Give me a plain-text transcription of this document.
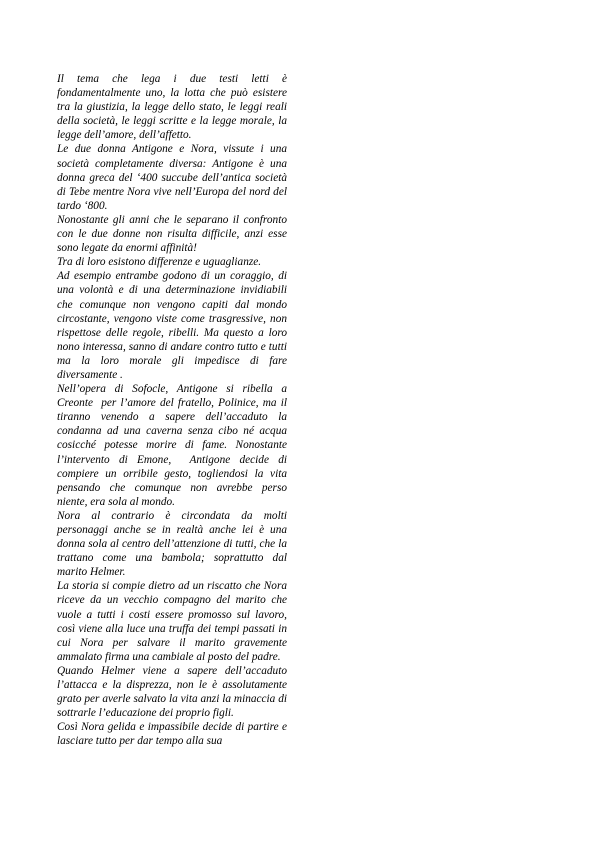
Il tema che lega i due testi letti è fondamentalmente uno, la lotta che può esistere tra la giustizia, la legge dello stato, le leggi reali della società, le leggi scritte e la legge morale, la legge dell’amore, dell’affetto.

Le due donna Antigone e Nora, vissute i una società completamente diversa: Antigone è una donna greca del ‘400 succube dell’antica società di Tebe mentre Nora vive nell’Europa del nord del tardo ‘800.

Nonostante gli anni che le separano il confronto con le due donne non risulta difficile, anzi esse sono legate da enormi affinità!

Tra di loro esistono differenze e uguaglianze.

Ad esempio entrambe godono di un coraggio, di una volontà e di una determinazione invidiabili che comunque non vengono capiti dal mondo circostante, vengono viste come trasgressive, non rispettose delle regole, ribelli. Ma questo a loro nono interessa, sanno di andare contro tutto e tutti  ma la loro morale gli impedisce di fare diversamente .

Nell’opera di Sofocle, Antigone si ribella a Creonte  per l’amore del fratello, Polinice, ma il tiranno venendo a sapere dell’accaduto la condanna ad una caverna senza cibo né acqua cosicché potesse morire di fame. Nonostante l’intervento di Emone,  Antigone decide di compiere un orribile gesto, togliendosi la vita pensando che comunque non avrebbe perso niente, era sola al mondo.

Nora al contrario è circondata da molti personaggi anche se in realtà anche lei è una donna sola al centro dell’attenzione di tutti, che la trattano come una bambola; soprattutto dal marito Helmer.

La storia si compie dietro ad un riscatto che Nora riceve da un vecchio compagno del marito che vuole a tutti i costi essere promosso sul lavoro, così viene alla luce una truffa dei tempi passati in cui Nora per salvare il marito gravemente ammalato firma una cambiale al posto del padre.

Quando Helmer viene a sapere dell’accaduto l’attacca e la disprezza, non le è assolutamente grato per averle salvato la vita anzi la minaccia di sottrarle l’educazione dei proprio figli.

Così Nora gelida e impassibile decide di partire e lasciare tutto per dar tempo alla sua
